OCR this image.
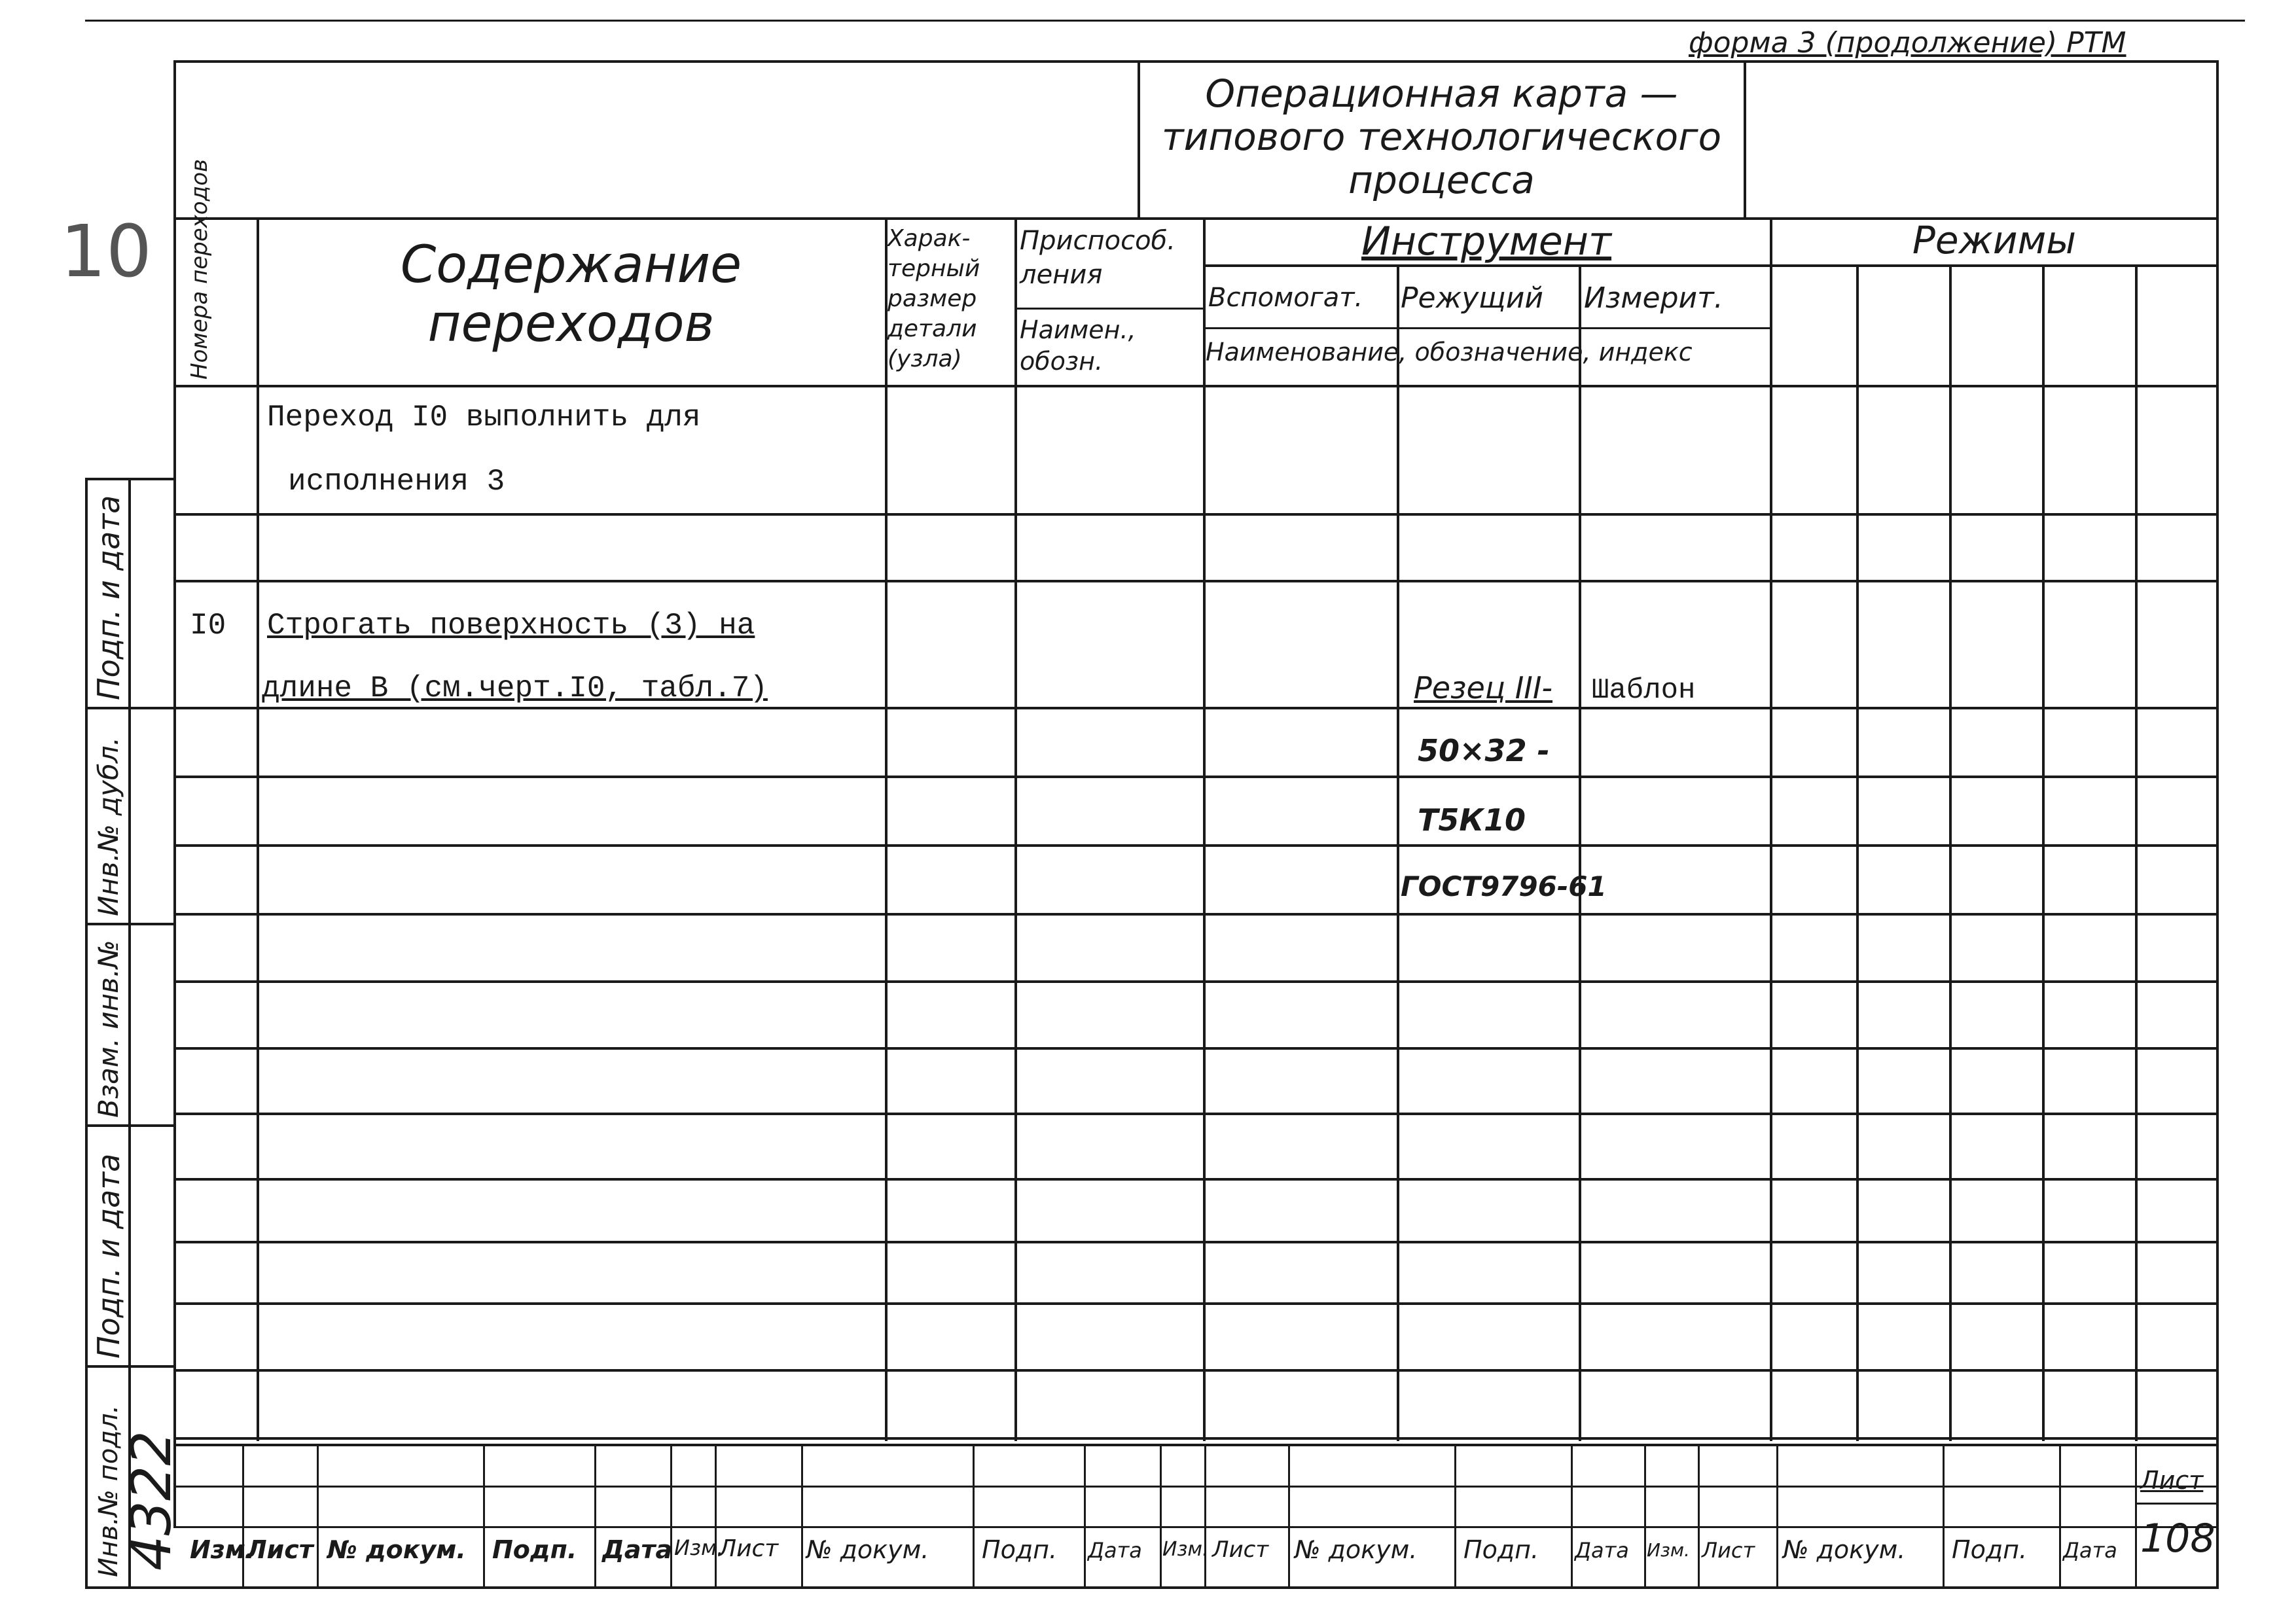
форма 3 (продолжение) РТМ
10
Операционная карта —
типового технологического
процесса
Номера переходов	Содержание
переходов
Харак-
терный
размер
детали
(узла)
Приспособ.
ления
Наимен.,
обозн.
Инструмент
Вспомогат. Режущий Измерит.
Наименование, обозначение, индекс
Режимы
Переход I0 выполнить для
исполнения 3
I0 Строгать поверхность (3) на
длине В (см.черт.I0, табл.7)	Резец III- Шаблон
50×32 -
Т5К10
ГОСТ9796-61
Подп. и дата
Инв.№ дубл.
Взам. инв.№
Подп. и дата
Инв.№ подл.
4322 Изм.
Лист № докум. Подп. Дата Изм.
Лист № докум. Подп. Дата Изм. Лист № докум. Подп. Дата Изм. Лист № докум. Подп. Дата
Лист
108
